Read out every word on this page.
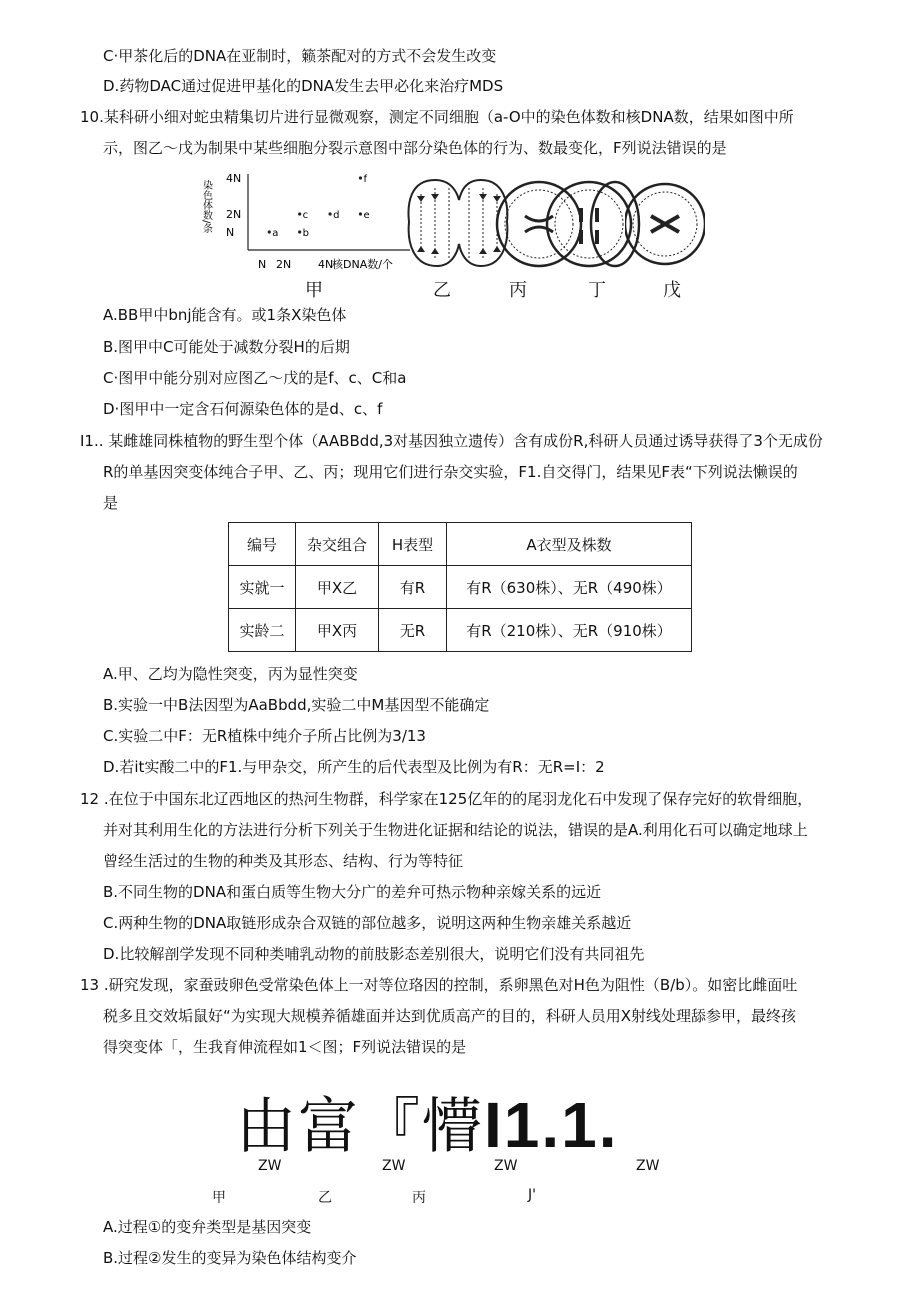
C·甲茶化后的DNA在亚制时，籁茶配对的方式不会发生改变
D.药物DAC通过促进甲基化的DNA发生去甲必化来治疗MDS
10.某科研小细对蛇虫精集切片进行显微观察，测定不同细胞（a-O中的染色体数和核DNA数，结果如图中所
示，图乙～戊为制果中某些细胞分裂示意图中部分染色体的行为、数最变化，F列说法错误的是
染色体数/条
核DNA数/个
N
2N
4N
N 2N 4N
a b
c d e
f
甲	乙	丙	丁	戊
A.BB甲中bnj能含有。或1条X染色体
B.图甲中C可能处于减数分裂H的后期
C·图甲中能分别对应图乙～戊的是f、c、C和a
D·图甲中一定含石何源染色体的是d、c、f
I1.. 某雌雄同株植物的野生型个体（AABBdd,3对基因独立遗传）含有成份R,科研人员通过诱导获得了3个无成份
R的单基因突变体纯合子甲、乙、丙；现用它们进行杂交实验，F1.自交得门，结果见F表“下列说法懒误的
是
编号	杂交组合	H表型	A衣型及株数
实就一	甲X乙	有R	有R（630株）、无R（490株）
实龄二	甲X丙	无R	有R（210株）、无R（910株）
A.甲、乙均为隐性突变，丙为显性突变
B.实验一中B法因型为AaBbdd,实验二中M基因型不能确定
C.实验二中F：无R植株中纯介子所占比例为3/13
D.若it实酸二中的F1.与甲杂交，所产生的后代表型及比例为有R：无R=I：2
12 .在位于中国东北辽西地区的热河生物群，科学家在125亿年的的尾羽龙化石中发现了保存完好的软骨细胞，
并对其利用生化的方法进行分析下列关于生物进化证据和结论的说法，错误的是A.利用化石可以确定地球上
曾经生活过的生物的种类及其形态、结构、行为等特征
B.不同生物的DNA和蛋白质等生物大分广的差弁可热示物种亲嫁关系的远近
C.两种生物的DNA取链形成杂合双链的部位越多，说明这两种生物亲雄关系越近
D.比较解剖学发现不同种类哺乳动物的前肢影态差别很大，说明它们没有共同祖先
13 .研究发现，家蚕豉卵色受常染色体上一对等位珞因的控制，系卵黑色对H色为阻性（B/b）。如密比雌面吐
税多且交效垢鼠好“为实现大规模养循雄面并达到优质高产的目的，科研人员用X射线处理舔参甲，最终孩
得突变体「，生我育伸流程如1＜图；F列说法错误的是
由富『懵I1.1.
ZW	ZW	ZW	ZW
甲	乙	丙	J'
A.过程①的变弁类型是基因突变
B.过程②发生的变异为染色体结构变介
